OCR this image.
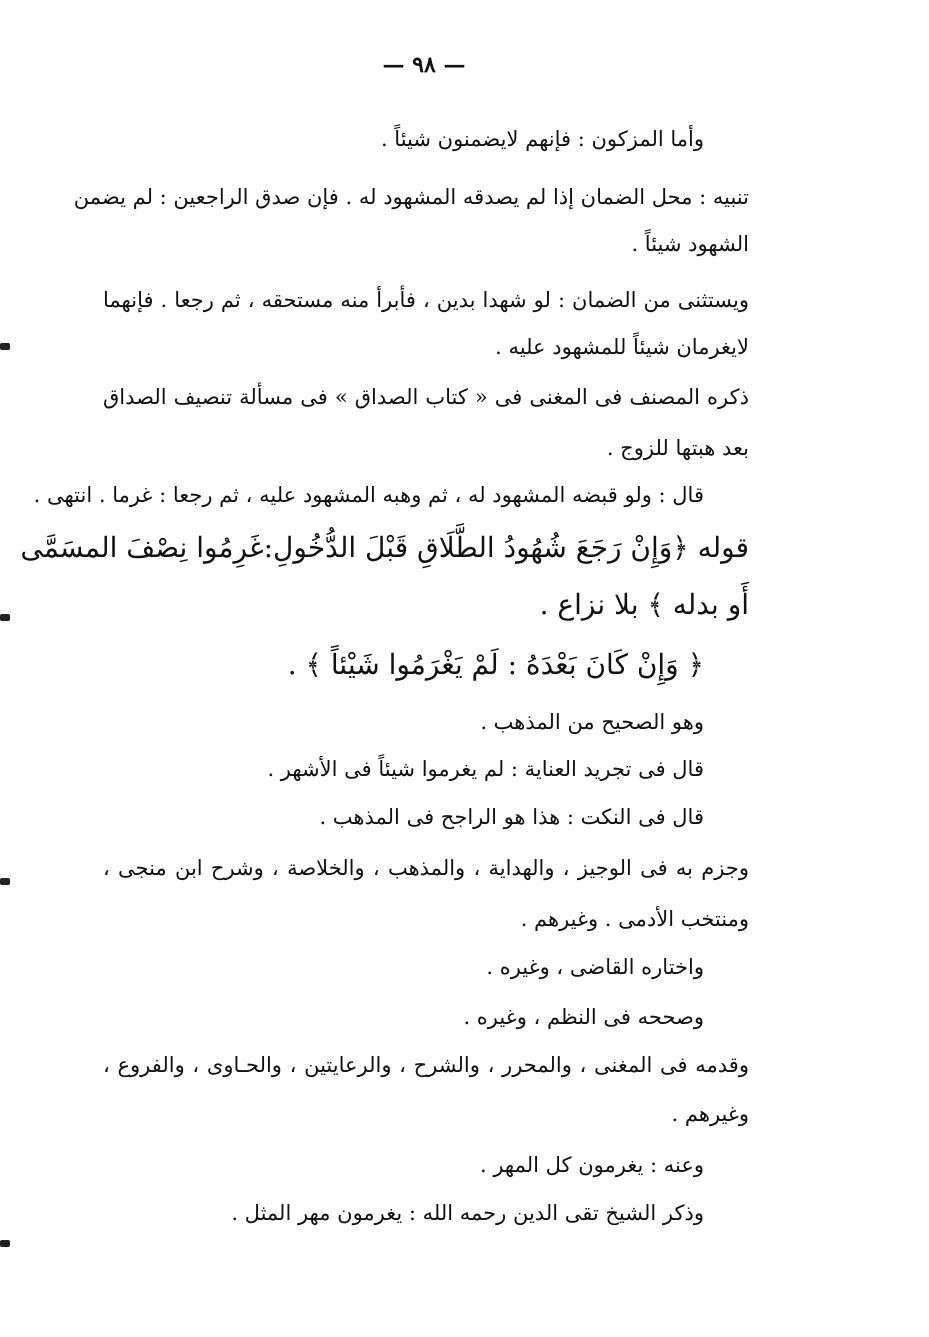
— ٩٨ —
وأما المزكون : فإنهم لايضمنون شيئاً .
تنبيه : محل الضمان إذا لم يصدقه المشهود له . فإن صدق الراجعين : لم يضمن
الشهود شيئاً .
ويستثنى من الضمان : لو شهدا بدين ، فأبرأ منه مستحقه ، ثم رجعا . فإنهما
لايغرمان شيئاً للمشهود عليه .
ذكره المصنف فى المغنى فى « كتاب الصداق » فى مسألة تنصيف الصداق
بعد هبتها للزوج .
قال : ولو قبضه المشهود له ، ثم وهبه المشهود عليه ، ثم رجعا : غرما . انتهى .
قوله ﴿وَإِنْ رَجَعَ شُهُودُ الطَّلَاقِ قَبْلَ الدُّخُولِ:غَرِمُوا نِصْفَ المسَمَّى
أَو بدله ﴾ بلا نزاع .
﴿ وَإِنْ كَانَ بَعْدَهُ : لَمْ يَغْرَمُوا شَيْئاً ﴾ .
وهو الصحيح من المذهب .
قال فى تجريد العناية : لم يغرموا شيئاً فى الأشهر .
قال فى النكت : هذا هو الراجح فى المذهب .
وجزم به فى الوجيز ، والهداية ، والمذهب ، والخلاصة ، وشرح ابن منجى ،
ومنتخب الأدمى . وغيرهم .
واختاره القاضى ، وغيره .
وصححه فى النظم ، وغيره .
وقدمه فى المغنى ، والمحرر ، والشرح ، والرعايتين ، والحـاوى ، والفروع ،
وغيرهم .
وعنه : يغرمون كل المهر .
وذكر الشيخ تقى الدين رحمه الله : يغرمون مهر المثل .
